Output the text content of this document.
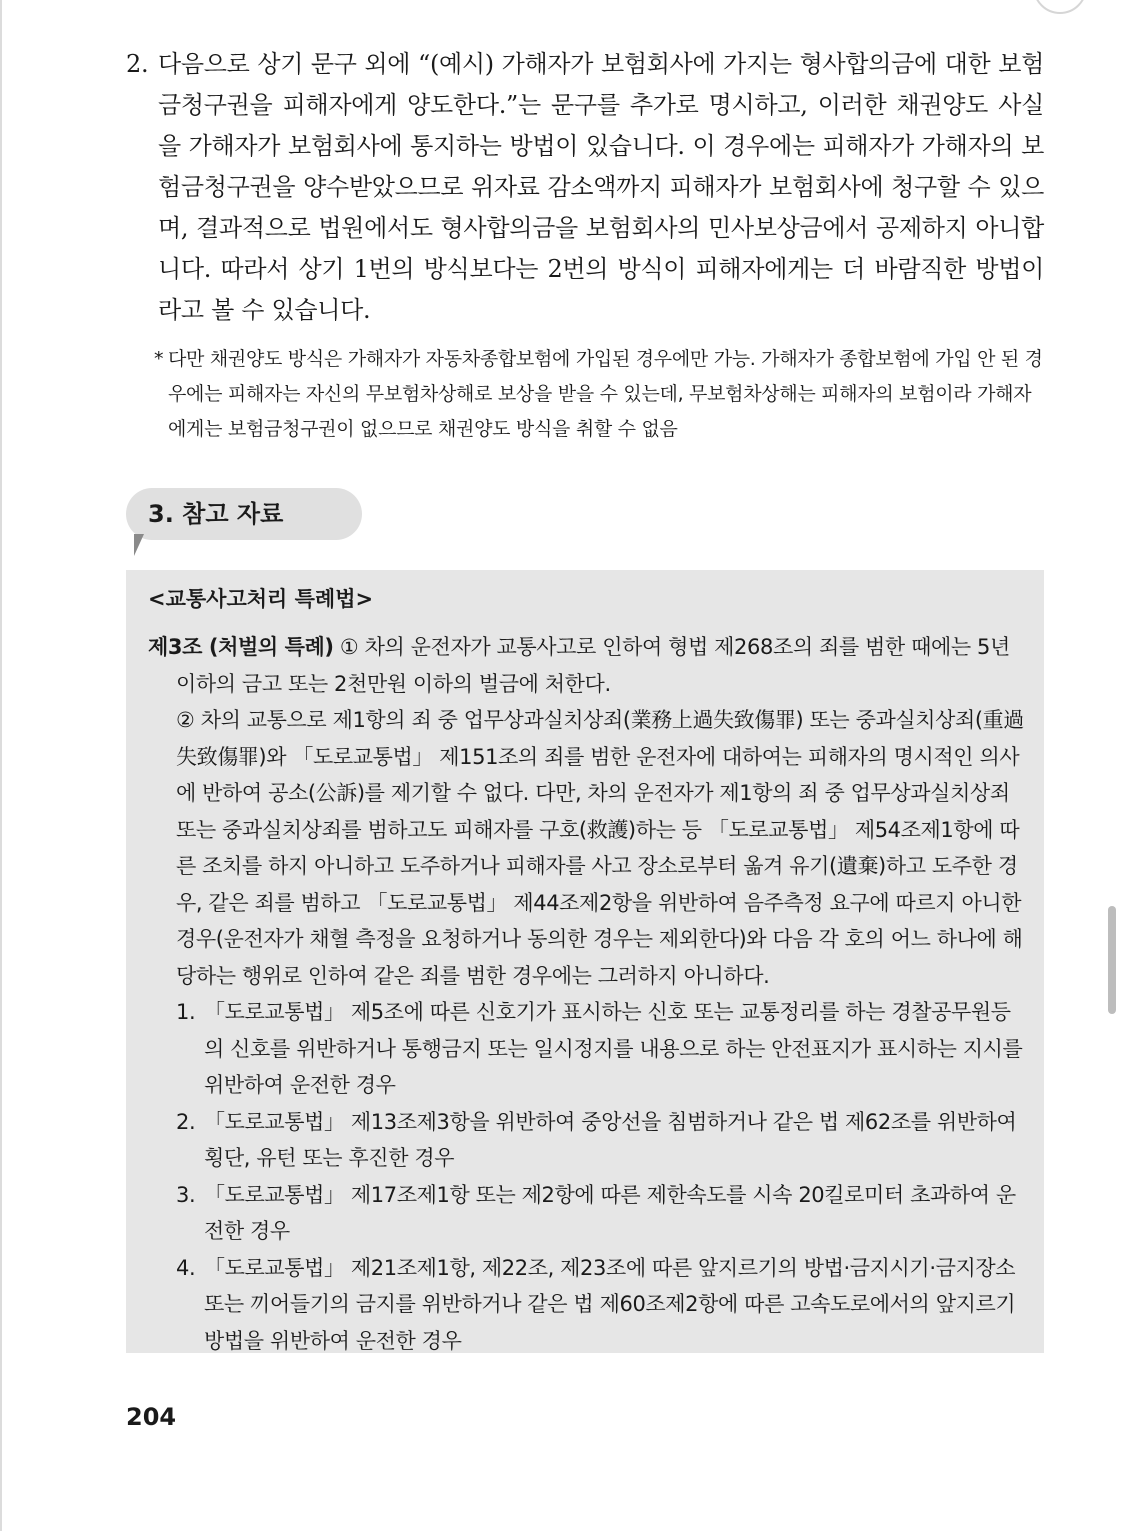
2. 다음으로 상기 문구 외에 “(예시) 가해자가 보험회사에 가지는 형사합의금에 대한 보험금청구권을 피해자에게 양도한다.”는 문구를 추가로 명시하고, 이러한 채권양도 사실을 가해자가 보험회사에 통지하는 방법이 있습니다. 이 경우에는 피해자가 가해자의 보험금청구권을 양수받았으므로 위자료 감소액까지 피해자가 보험회사에 청구할 수 있으며, 결과적으로 법원에서도 형사합의금을 보험회사의 민사보상금에서 공제하지 아니합니다. 따라서 상기 1번의 방식보다는 2번의 방식이 피해자에게는 더 바람직한 방법이라고 볼 수 있습니다.
* 다만 채권양도 방식은 가해자가 자동차종합보험에 가입된 경우에만 가능. 가해자가 종합보험에 가입 안 된 경우에는 피해자는 자신의 무보험차상해로 보상을 받을 수 있는데, 무보험차상해는 피해자의 보험이라 가해자에게는 보험금청구권이 없으므로 채권양도 방식을 취할 수 없음
3. 참고 자료
<교통사고처리 특례법>

제3조 (처벌의 특례) ① 차의 운전자가 교통사고로 인하여 형법 제268조의 죄를 범한 때에는 5년 이하의 금고 또는 2천만원 이하의 벌금에 처한다.

② 차의 교통으로 제1항의 죄 중 업무상과실치상죄(業務上過失致傷罪) 또는 중과실치상죄(重過失致傷罪)와 「도로교통법」 제151조의 죄를 범한 운전자에 대하여는 피해자의 명시적인 의사에 반하여 공소(公訴)를 제기할 수 없다. 다만, 차의 운전자가 제1항의 죄 중 업무상과실치상죄 또는 중과실치상죄를 범하고도 피해자를 구호(救護)하는 등 「도로교통법」 제54조제1항에 따른 조치를 하지 아니하고 도주하거나 피해자를 사고 장소로부터 옮겨 유기(遺棄)하고 도주한 경우, 같은 죄를 범하고 「도로교통법」 제44조제2항을 위반하여 음주측정 요구에 따르지 아니한 경우(운전자가 채혈 측정을 요청하거나 동의한 경우는 제외한다)와 다음 각 호의 어느 하나에 해당하는 행위로 인하여 같은 죄를 범한 경우에는 그러하지 아니하다.

1. 「도로교통법」 제5조에 따른 신호기가 표시하는 신호 또는 교통정리를 하는 경찰공무원등의 신호를 위반하거나 통행금지 또는 일시정지를 내용으로 하는 안전표지가 표시하는 지시를 위반하여 운전한 경우
2. 「도로교통법」 제13조제3항을 위반하여 중앙선을 침범하거나 같은 법 제62조를 위반하여 횡단, 유턴 또는 후진한 경우
3. 「도로교통법」 제17조제1항 또는 제2항에 따른 제한속도를 시속 20킬로미터 초과하여 운전한 경우
4. 「도로교통법」 제21조제1항, 제22조, 제23조에 따른 앞지르기의 방법·금지시기·금지장소 또는 끼어들기의 금지를 위반하거나 같은 법 제60조제2항에 따른 고속도로에서의 앞지르기 방법을 위반하여 운전한 경우
204
